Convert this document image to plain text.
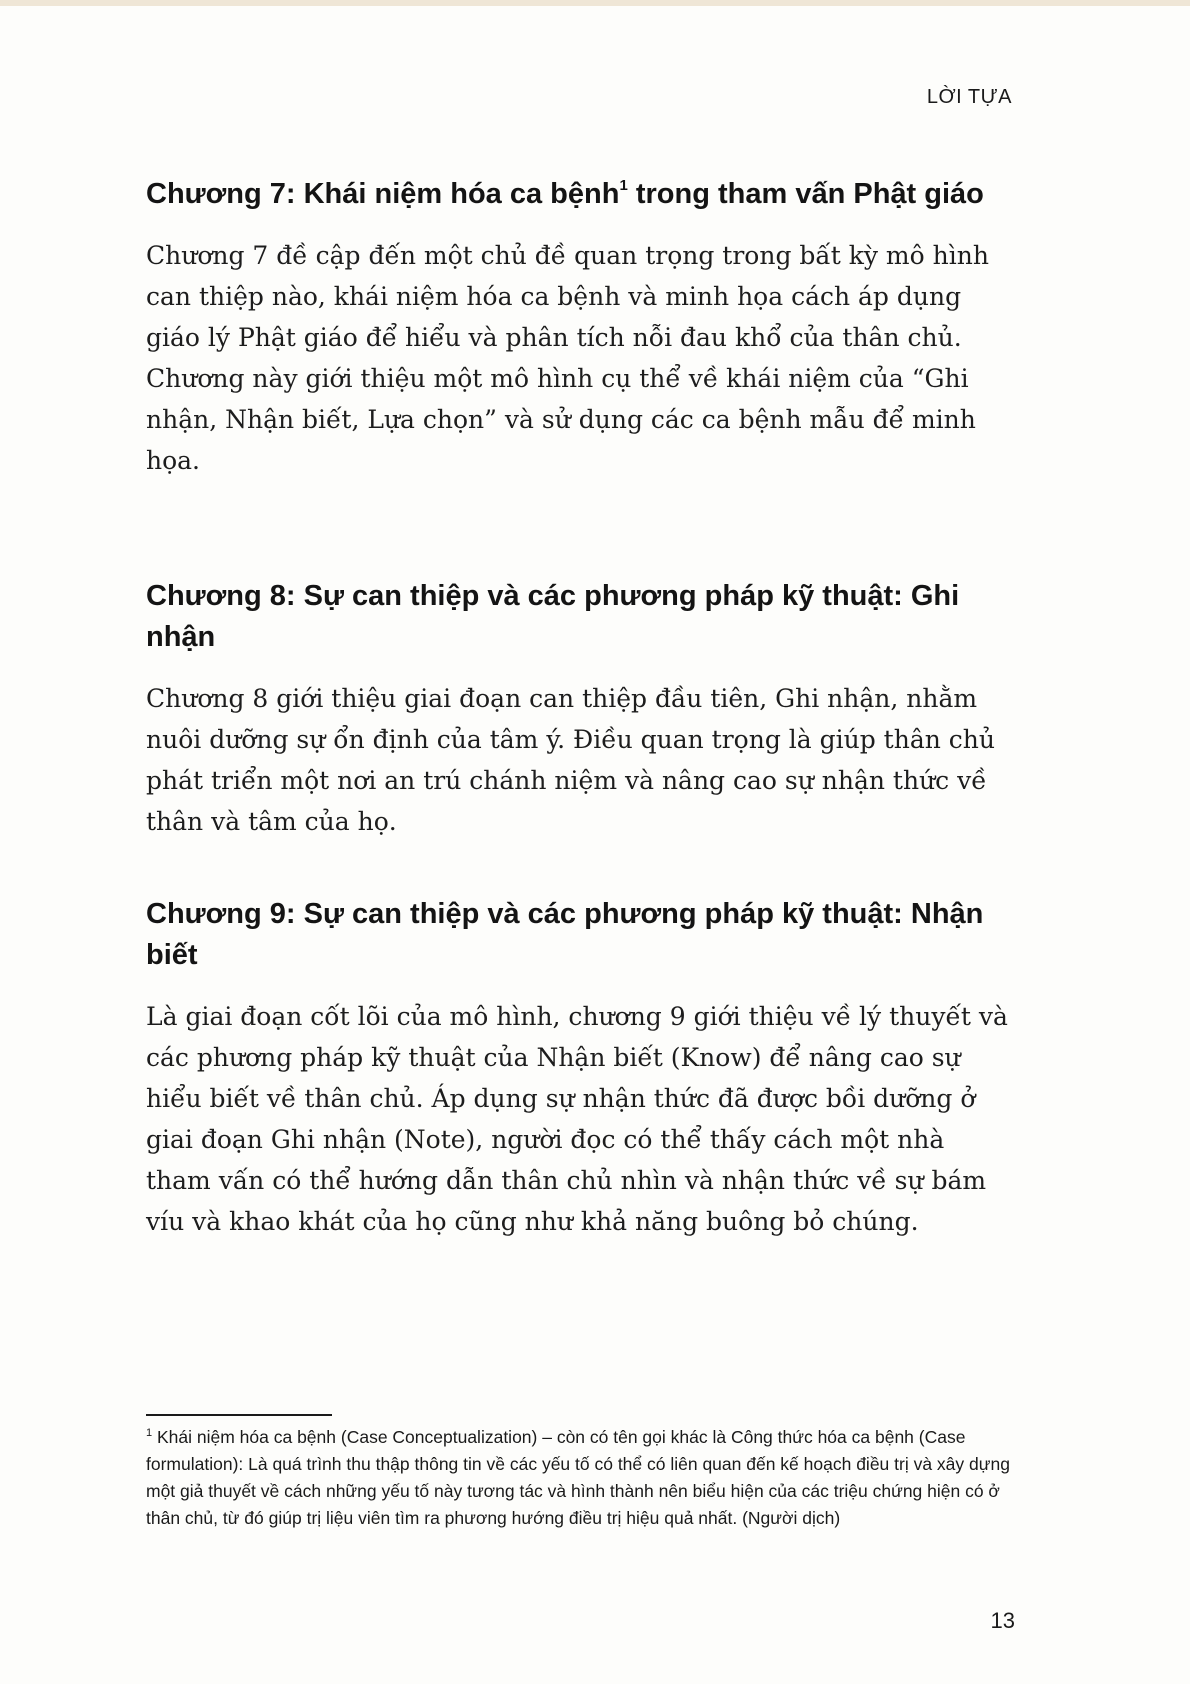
LỜI TỰA
Chương 7: Khái niệm hóa ca bệnh$^1$ trong tham vấn Phật giáo

Chương 7 đề cập đến một chủ đề quan trọng trong bất kỳ mô hình can thiệp nào, khái niệm hóa ca bệnh và minh họa cách áp dụng giáo lý Phật giáo để hiểu và phân tích nỗi đau khổ của thân chủ. Chương này giới thiệu một mô hình cụ thể về khái niệm của “Ghi nhận, Nhận biết, Lựa chọn” và sử dụng các ca bệnh mẫu để minh họa.

Chương 8: Sự can thiệp và các phương pháp kỹ thuật: Ghi nhận

Chương 8 giới thiệu giai đoạn can thiệp đầu tiên, Ghi nhận, nhằm nuôi dưỡng sự ổn định của tâm ý. Điều quan trọng là giúp thân chủ phát triển một nơi an trú chánh niệm và nâng cao sự nhận thức về thân và tâm của họ.

Chương 9: Sự can thiệp và các phương pháp kỹ thuật: Nhận biết

Là giai đoạn cốt lõi của mô hình, chương 9 giới thiệu về lý thuyết và các phương pháp kỹ thuật của Nhận biết (Know) để nâng cao sự hiểu biết về thân chủ. Áp dụng sự nhận thức đã được bồi dưỡng ở giai đoạn Ghi nhận (Note), người đọc có thể thấy cách một nhà tham vấn có thể hướng dẫn thân chủ nhìn và nhận thức về sự bám víu và khao khát của họ cũng như khả năng buông bỏ chúng.

$^1$ Khái niệm hóa ca bệnh (Case Conceptualization) – còn có tên gọi khác là Công thức hóa ca bệnh (Case formulation): Là quá trình thu thập thông tin về các yếu tố có thể có liên quan đến kế hoạch điều trị và xây dựng một giả thuyết về cách những yếu tố này tương tác và hình thành nên biểu hiện của các triệu chứng hiện có ở thân chủ, từ đó giúp trị liệu viên tìm ra phương hướng điều trị hiệu quả nhất. (Người dịch)

13
